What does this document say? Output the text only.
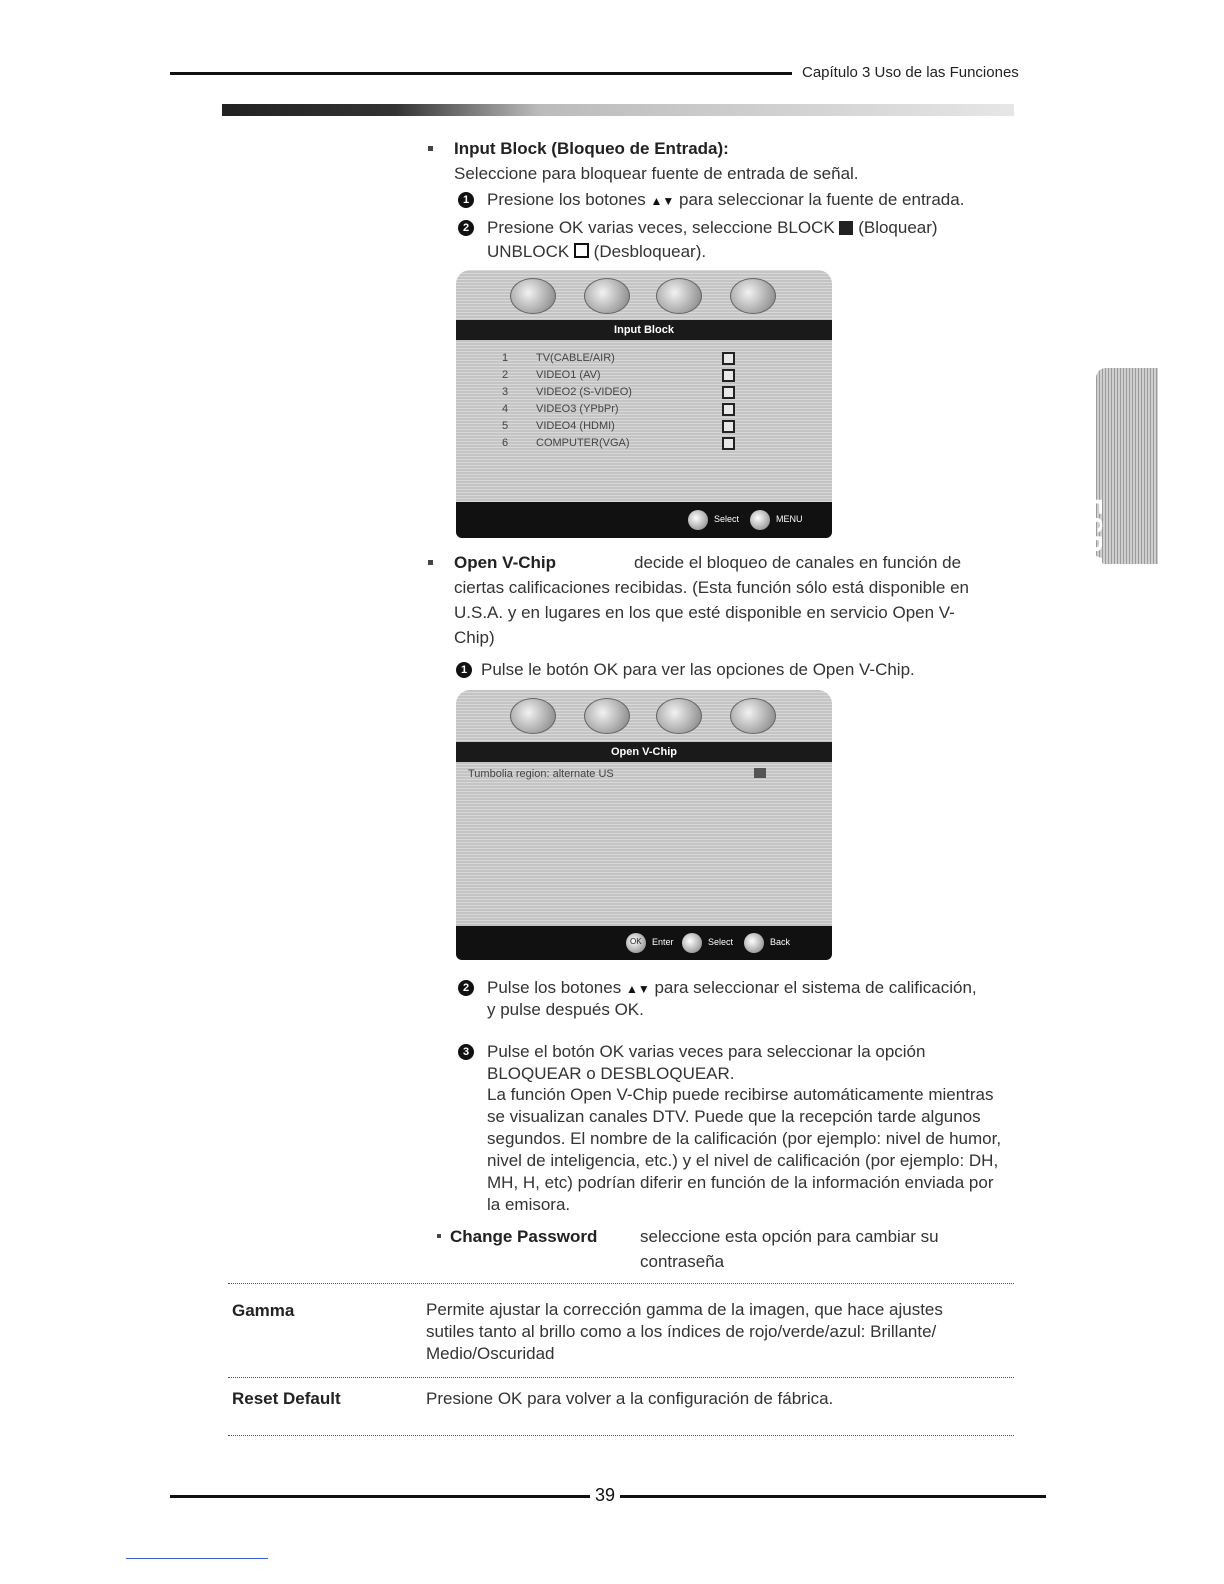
Capítulo 3 Uso de las Funciones
ESPAÑOL
Input Block (Bloqueo de Entrada):
Seleccione para bloquear fuente de entrada de señal.
1 Presione los botones ▲▼ para seleccionar la fuente de entrada.
2 Presione OK varias veces, seleccione BLOCK (Bloquear)
UNBLOCK (Desbloquear).
Input Block
1	TV(CABLE/AIR)
2	VIDEO1 (AV)
3	VIDEO2 (S-VIDEO)
4	VIDEO3 (YPbPr)
5	VIDEO4 (HDMI)
6	COMPUTER(VGA)
Select	MENU
Open V-Chip	decide el bloqueo de canales en función de
ciertas calificaciones recibidas. (Esta función sólo está disponible en
U.S.A. y en lugares en los que esté disponible en servicio Open V-
Chip)
1 Pulse le botón OK para ver las opciones de Open V-Chip.
Open V-Chip
Tumbolia region: alternate US
OK Enter	Select	Back
2 Pulse los botones ▲▼ para seleccionar el sistema de calificación,
y pulse después OK.
3 Pulse el botón OK varias veces para seleccionar la opción
BLOQUEAR o DESBLOQUEAR.
La función Open V-Chip puede recibirse automáticamente mientras
se visualizan canales DTV. Puede que la recepción tarde algunos
segundos. El nombre de la calificación (por ejemplo: nivel de humor,
nivel de inteligencia, etc.) y el nivel de calificación (por ejemplo: DH,
MH, H, etc) podrían diferir en función de la información enviada por
la emisora.
Change Password	seleccione esta opción para cambiar su
contraseña
Gamma	Permite ajustar la corrección gamma de la imagen, que hace ajustes
sutiles tanto al brillo como a los índices de rojo/verde/azul: Brillante/
Medio/Oscuridad
Reset Default	Presione OK para volver a la configuración de fábrica.
39
